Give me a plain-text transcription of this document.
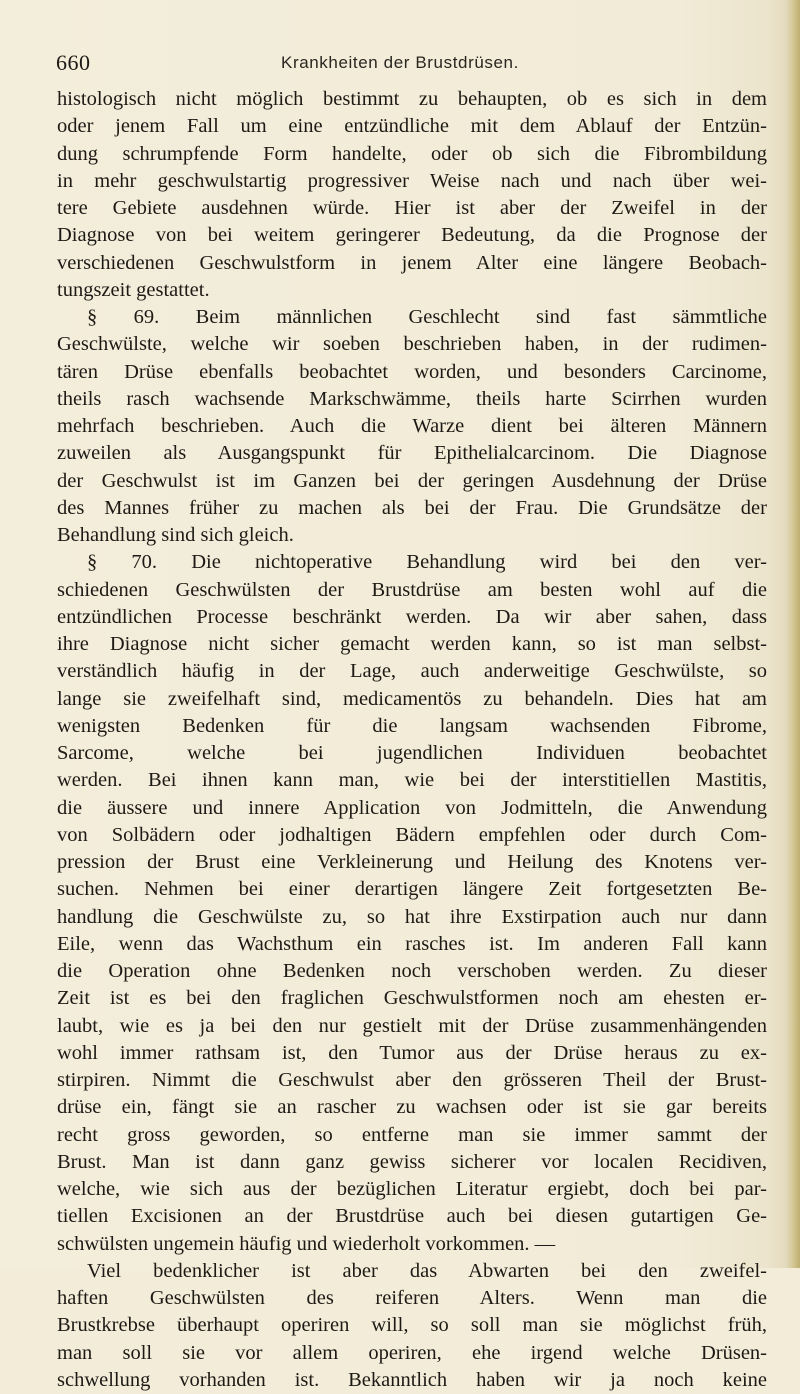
660	Krankheiten der Brustdrüsen.
histologisch nicht möglich bestimmt zu behaupten, ob es sich in dem
oder jenem Fall um eine entzündliche mit dem Ablauf der Entzün-
dung schrumpfende Form handelte, oder ob sich die Fibrombildung
in mehr geschwulstartig progressiver Weise nach und nach über wei-
tere Gebiete ausdehnen würde. Hier ist aber der Zweifel in der
Diagnose von bei weitem geringerer Bedeutung, da die Prognose der
verschiedenen Geschwulstform in jenem Alter eine längere Beobach-
tungszeit gestattet.
§ 69. Beim männlichen Geschlecht sind fast sämmtliche
Geschwülste, welche wir soeben beschrieben haben, in der rudimen-
tären Drüse ebenfalls beobachtet worden, und besonders Carcinome,
theils rasch wachsende Markschwämme, theils harte Scirrhen wurden
mehrfach beschrieben. Auch die Warze dient bei älteren Männern
zuweilen als Ausgangspunkt für Epithelialcarcinom. Die Diagnose
der Geschwulst ist im Ganzen bei der geringen Ausdehnung der Drüse
des Mannes früher zu machen als bei der Frau. Die Grundsätze der
Behandlung sind sich gleich.
§ 70. Die nichtoperative Behandlung wird bei den ver-
schiedenen Geschwülsten der Brustdrüse am besten wohl auf die
entzündlichen Processe beschränkt werden. Da wir aber sahen, dass
ihre Diagnose nicht sicher gemacht werden kann, so ist man selbst-
verständlich häufig in der Lage, auch anderweitige Geschwülste, so
lange sie zweifelhaft sind, medicamentös zu behandeln. Dies hat am
wenigsten Bedenken für die langsam wachsenden Fibrome,
Sarcome, welche bei jugendlichen Individuen beobachtet
werden. Bei ihnen kann man, wie bei der interstitiellen Mastitis,
die äussere und innere Application von Jodmitteln, die Anwendung
von Solbädern oder jodhaltigen Bädern empfehlen oder durch Com-
pression der Brust eine Verkleinerung und Heilung des Knotens ver-
suchen. Nehmen bei einer derartigen längere Zeit fortgesetzten Be-
handlung die Geschwülste zu, so hat ihre Exstirpation auch nur dann
Eile, wenn das Wachsthum ein rasches ist. Im anderen Fall kann
die Operation ohne Bedenken noch verschoben werden. Zu dieser
Zeit ist es bei den fraglichen Geschwulstformen noch am ehesten er-
laubt, wie es ja bei den nur gestielt mit der Drüse zusammenhängenden
wohl immer rathsam ist, den Tumor aus der Drüse heraus zu ex-
stirpiren. Nimmt die Geschwulst aber den grösseren Theil der Brust-
drüse ein, fängt sie an rascher zu wachsen oder ist sie gar bereits
recht gross geworden, so entferne man sie immer sammt der
Brust. Man ist dann ganz gewiss sicherer vor localen Recidiven,
welche, wie sich aus der bezüglichen Literatur ergiebt, doch bei par-
tiellen Excisionen an der Brustdrüse auch bei diesen gutartigen Ge-
schwülsten ungemein häufig und wiederholt vorkommen. —
Viel bedenklicher ist aber das Abwarten bei den zweifel-
haften Geschwülsten des reiferen Alters. Wenn man die
Brustkrebse überhaupt operiren will, so soll man sie möglichst früh,
man soll sie vor allem operiren, ehe irgend welche Drüsen-
schwellung vorhanden ist. Bekanntlich haben wir ja noch keine
